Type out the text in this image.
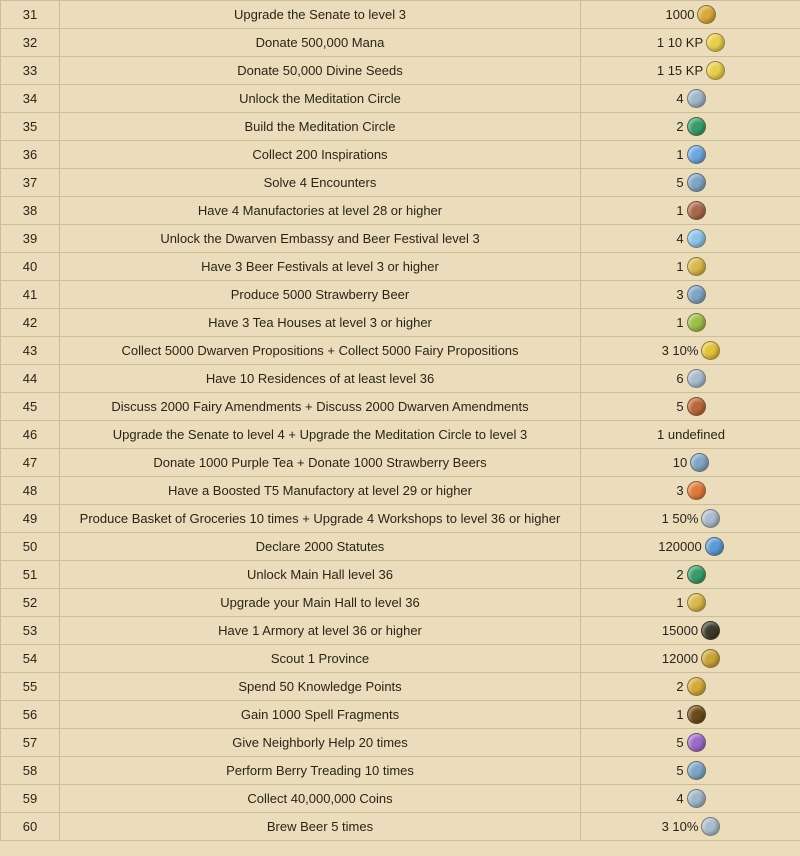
31	Upgrade the Senate to level 3	1000

32	Donate 500,000 Mana	1 10 KP

33	Donate 50,000 Divine Seeds	1 15 KP

34	Unlock the Meditation Circle	4

35	Build the Meditation Circle	2

36	Collect 200 Inspirations	1

37	Solve 4 Encounters	5

38	Have 4 Manufactories at level 28 or higher	1

39	Unlock the Dwarven Embassy and Beer Festival level 3	4

40	Have 3 Beer Festivals at level 3 or higher	1

41	Produce 5000 Strawberry Beer	3

42	Have 3 Tea Houses at level 3 or higher	1

43	Collect 5000 Dwarven Propositions + Collect 5000 Fairy Propositions	3 10%

44	Have 10 Residences of at least level 36	6

45	Discuss 2000 Fairy Amendments + Discuss 2000 Dwarven Amendments	5

46	Upgrade the Senate to level 4 + Upgrade the Meditation Circle to level 3	1 undefined

47	Donate 1000 Purple Tea + Donate 1000 Strawberry Beers	10

48	Have a Boosted T5 Manufactory at level 29 or higher	3

49	Produce Basket of Groceries 10 times + Upgrade 4 Workshops to level 36 or higher	1 50%

50	Declare 2000 Statutes	120000

51	Unlock Main Hall level 36	2

52	Upgrade your Main Hall to level 36	1

53	Have 1 Armory at level 36 or higher	15000

54	Scout 1 Province	12000

55	Spend 50 Knowledge Points	2

56	Gain 1000 Spell Fragments	1

57	Give Neighborly Help 20 times	5

58	Perform Berry Treading 10 times	5

59	Collect 40,000,000 Coins	4

60	Brew Beer 5 times	3 10%
